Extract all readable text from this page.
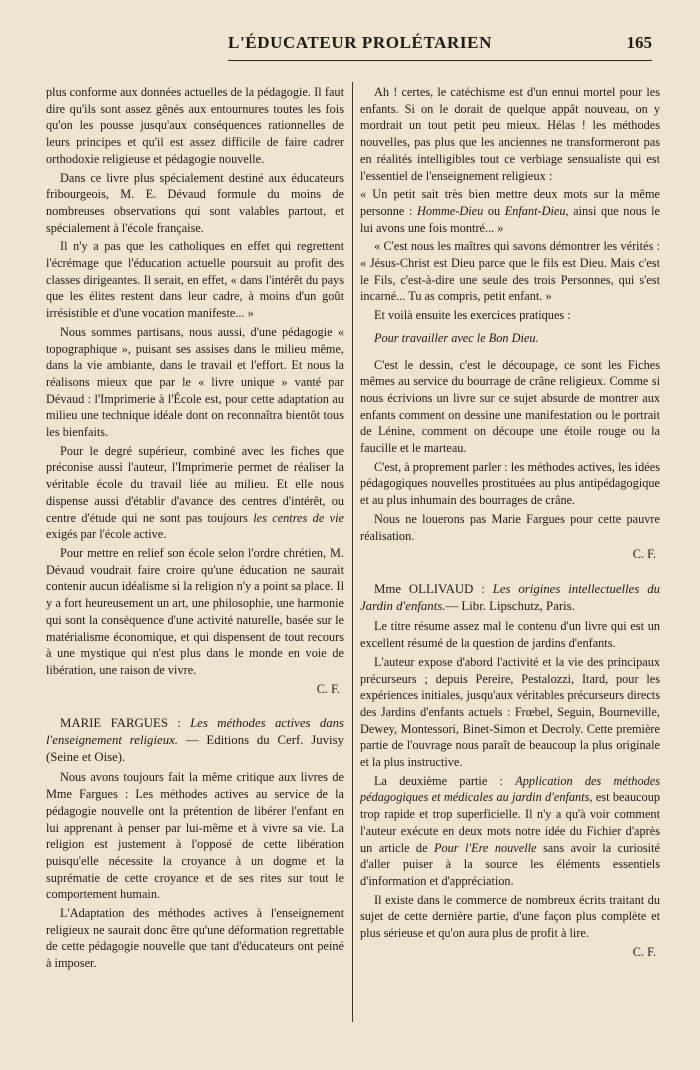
L'ÉDUCATEUR PROLÉTARIEN	165

plus conforme aux données actuelles de la pédagogie. Il faut dire qu'ils sont assez gênés aux entournures toutes les fois qu'on les pousse jusqu'aux conséquences rationnelles de leurs principes et qu'il est assez difficile de faire cadrer orthodoxie religieuse et pédagogie nouvelle.

Dans ce livre plus spécialement destiné aux éducateurs fribourgeois, M. E. Dévaud formule du moins de nombreuses observations qui sont valables partout, et spécialement à l'école française.

Il n'y a pas que les catholiques en effet qui regrettent l'écrémage que l'éducation actuelle poursuit au profit des classes dirigeantes. Il serait, en effet, « dans l'intérêt du pays que les élites restent dans leur cadre, à moins d'un goût irrésistible et d'une vocation manifeste... »

Nous sommes partisans, nous aussi, d'une pédagogie « topographique », puisant ses assises dans le milieu même, dans la vie ambiante, dans le travail et l'effort. Et nous la réalisons mieux que par le « livre unique » vanté par Dévaud : l'Imprimerie à l'École est, pour cette adaptation au milieu une technique idéale dont on reconnaîtra bientôt tous les bienfaits.

Pour le degré supérieur, combiné avec les fiches que préconise aussi l'auteur, l'Imprimerie permet de réaliser la véritable école du travail liée au milieu. Et elle nous dispense aussi d'établir d'avance des centres d'intérêt, ou centre d'étude qui ne sont pas toujours les centres de vie exigés par l'école active.

Pour mettre en relief son école selon l'ordre chrétien, M. Dévaud voudrait faire croire qu'une éducation ne saurait contenir aucun idéalisme si la religion n'y a point sa place. Il y a fort heureusement un art, une philosophie, une harmonie qui sont la conséquence d'une activité naturelle, basée sur le matérialisme économique, et qui dispensent de tout recours à une mystique qui n'est plus dans le monde en voie de libération, une raison de vivre.

C. F.

MARIE FARGUES : Les méthodes actives dans l'enseignement religieux. — Editions du Cerf. Juvisy (Seine et Oise).

Nous avons toujours fait la même critique aux livres de Mme Fargues : Les méthodes actives au service de la pédagogie nouvelle ont la prétention de libérer l'enfant en lui apprenant à penser par lui-même et à vivre sa vie. La religion est justement à l'opposé de cette libération puisqu'elle nécessite la croyance à un dogme et la suprématie de cette croyance et de ses rites sur tout le comportement humain.

L'Adaptation des méthodes actives à l'enseignement religieux ne saurait donc être qu'une déformation regrettable de cette pédagogie nouvelle que tant d'éducateurs ont peiné à imposer.

Ah ! certes, le catéchisme est d'un ennui mortel pour les enfants. Si on le dorait de quelque appât nouveau, on y mordrait un tout petit peu mieux. Hélas ! les méthodes nouvelles, pas plus que les anciennes ne transformeront pas en réalités intelligibles tout ce verbiage sensualiste qui est l'essentiel de l'enseignement religieux :

« Un petit sait très bien mettre deux mots sur la même personne : Homme-Dieu ou Enfant-Dieu, ainsi que nous le lui avons une fois montré... »

« C'est nous les maîtres qui savons démontrer les vérités : « Jésus-Christ est Dieu parce que le fils est Dieu. Mais c'est le Fils, c'est-à-dire une seule des trois Personnes, qui s'est incarné... Tu as compris, petit enfant. »

Et voilà ensuite les exercices pratiques :

Pour travailler avec le Bon Dieu.

C'est le dessin, c'est le découpage, ce sont les Fiches mêmes au service du bourrage de crâne religieux. Comme si nous écrivions un livre sur ce sujet absurde de montrer aux enfants comment on dessine une manifestation ou le portrait de Lénine, comment on découpe une étoile rouge ou la faucille et le marteau.

C'est, à proprement parler : les méthodes actives, les idées pédagogiques nouvelles prostituées au plus antipédagogique et au plus inhumain des bourrages de crâne.

Nous ne louerons pas Marie Fargues pour cette pauvre réalisation.

C. F.

Mme OLLIVAUD : Les origines intellectuelles du Jardin d'enfants.— Libr. Lipschutz, Paris.

Le titre résume assez mal le contenu d'un livre qui est un excellent résumé de la question de jardins d'enfants.

L'auteur expose d'abord l'activité et la vie des principaux précurseurs ; depuis Pereire, Pestalozzi, Itard, pour les expériences initiales, jusqu'aux véritables précurseurs directs des Jardins d'enfants actuels : Frœbel, Seguin, Bourneville, Dewey, Montessori, Binet-Simon et Decroly. Cette première partie de l'ouvrage nous paraît de beaucoup la plus originale et la plus instructive.

La deuxième partie : Application des méthodes pédagogiques et médicales au jardin d'enfants, est beaucoup trop rapide et trop superficielle. Il n'y a qu'à voir comment l'auteur exécute en deux mots notre idée du Fichier d'après un article de Pour l'Ere nouvelle sans avoir la curiosité d'aller puiser à la source les éléments essentiels d'information et d'appréciation.

Il existe dans le commerce de nombreux écrits traitant du sujet de cette dernière partie, d'une façon plus complète et plus sérieuse et qu'on aura plus de profit à lire.

C. F.
